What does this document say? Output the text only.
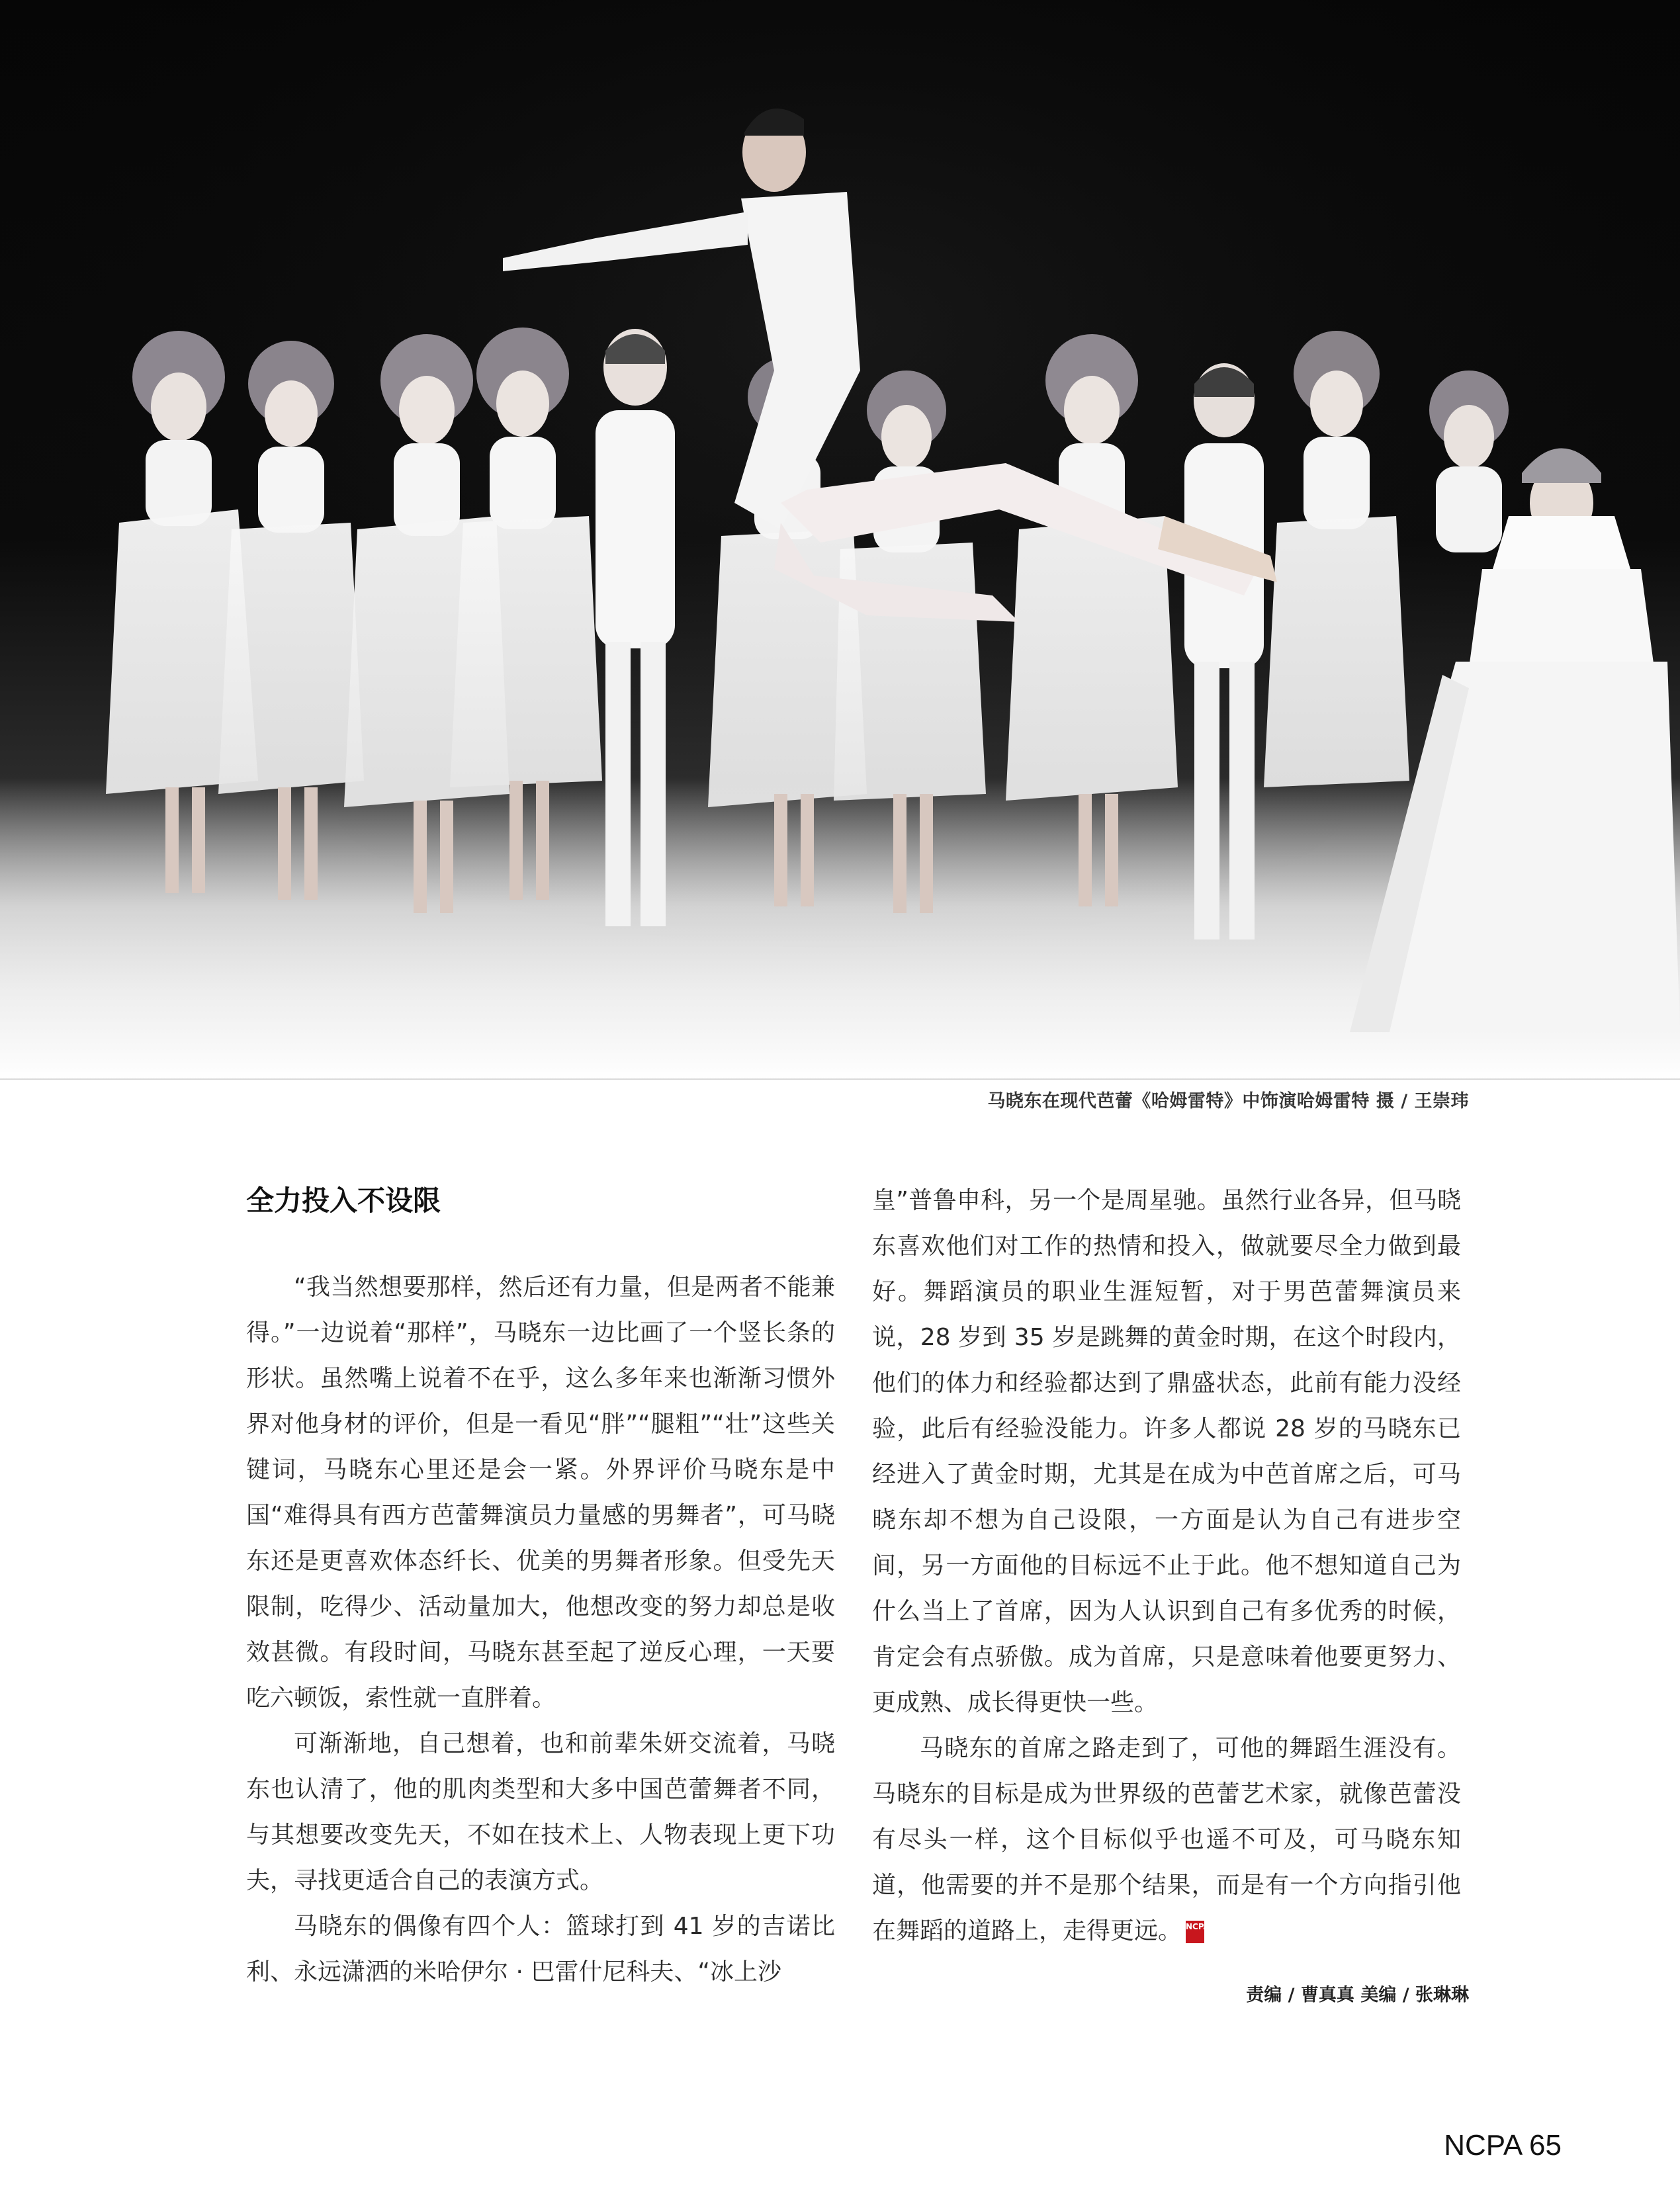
马晓东在现代芭蕾《哈姆雷特》中饰演哈姆雷特 摄 / 王崇玮
全力投入不设限

“我当然想要那样，然后还有力量，但是两者不能兼得。”一边说着“那样”，马晓东一边比画了一个竖长条的形状。虽然嘴上说着不在乎，这么多年来也渐渐习惯外界对他身材的评价，但是一看见“胖”“腿粗”“壮”这些关键词，马晓东心里还是会一紧。外界评价马晓东是中国“难得具有西方芭蕾舞演员力量感的男舞者”，可马晓东还是更喜欢体态纤长、优美的男舞者形象。但受先天限制，吃得少、活动量加大，他想改变的努力却总是收效甚微。有段时间，马晓东甚至起了逆反心理，一天要吃六顿饭，索性就一直胖着。

可渐渐地，自己想着，也和前辈朱妍交流着，马晓东也认清了，他的肌肉类型和大多中国芭蕾舞者不同，与其想要改变先天，不如在技术上、人物表现上更下功夫，寻找更适合自己的表演方式。

马晓东的偶像有四个人：篮球打到 41 岁的吉诺比利、永远潇洒的米哈伊尔 · 巴雷什尼科夫、“冰上沙

皇”普鲁申科，另一个是周星驰。虽然行业各异，但马晓东喜欢他们对工作的热情和投入，做就要尽全力做到最好。舞蹈演员的职业生涯短暂，对于男芭蕾舞演员来说，28 岁到 35 岁是跳舞的黄金时期，在这个时段内，他们的体力和经验都达到了鼎盛状态，此前有能力没经验，此后有经验没能力。许多人都说 28 岁的马晓东已经进入了黄金时期，尤其是在成为中芭首席之后，可马晓东却不想为自己设限，一方面是认为自己有进步空间，另一方面他的目标远不止于此。他不想知道自己为什么当上了首席，因为人认识到自己有多优秀的时候，肯定会有点骄傲。成为首席，只是意味着他要更努力、更成熟、成长得更快一些。

马晓东的首席之路走到了，可他的舞蹈生涯没有。马晓东的目标是成为世界级的芭蕾艺术家，就像芭蕾没有尽头一样，这个目标似乎也遥不可及，可马晓东知道，他需要的并不是那个结果，而是有一个方向指引他在舞蹈的道路上，走得更远。 NCPA

责编 / 曹真真 美编 / 张琳琳
NCPA 65
